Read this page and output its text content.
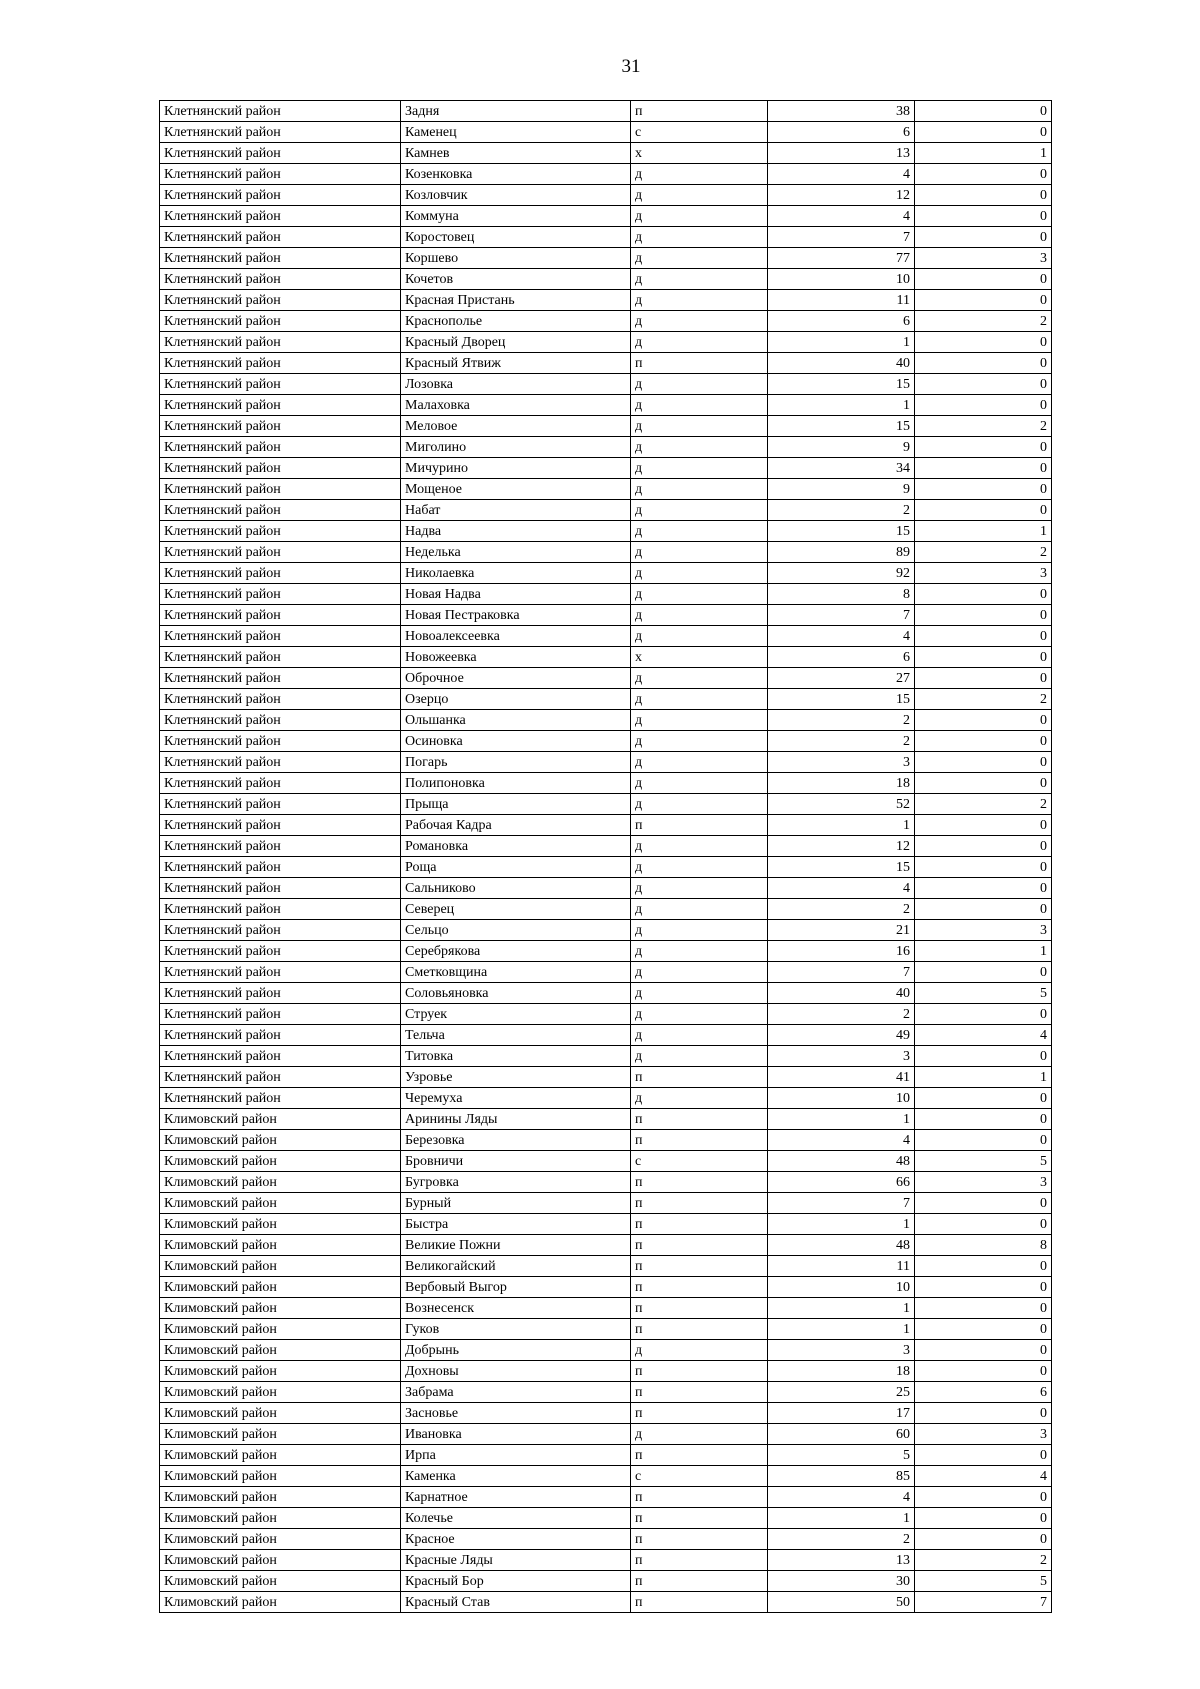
31
Клетнянский район	Задня	п	38	0
Клетнянский район	Каменец	с	6	0
Клетнянский район	Камнев	х	13	1
Клетнянский район	Козенковка	д	4	0
Клетнянский район	Козловчик	д	12	0
Клетнянский район	Коммуна	д	4	0
Клетнянский район	Коростовец	д	7	0
Клетнянский район	Коршево	д	77	3
Клетнянский район	Кочетов	д	10	0
Клетнянский район	Красная Пристань	д	11	0
Клетнянский район	Краснополье	д	6	2
Клетнянский район	Красный Дворец	д	1	0
Клетнянский район	Красный Ятвиж	п	40	0
Клетнянский район	Лозовка	д	15	0
Клетнянский район	Малаховка	д	1	0
Клетнянский район	Меловое	д	15	2
Клетнянский район	Миголино	д	9	0
Клетнянский район	Мичурино	д	34	0
Клетнянский район	Мощеное	д	9	0
Клетнянский район	Набат	д	2	0
Клетнянский район	Надва	д	15	1
Клетнянский район	Неделька	д	89	2
Клетнянский район	Николаевка	д	92	3
Клетнянский район	Новая Надва	д	8	0
Клетнянский район	Новая Пестраковка	д	7	0
Клетнянский район	Новоалексеевка	д	4	0
Клетнянский район	Новожеевка	х	6	0
Клетнянский район	Оброчное	д	27	0
Клетнянский район	Озерцо	д	15	2
Клетнянский район	Ольшанка	д	2	0
Клетнянский район	Осиновка	д	2	0
Клетнянский район	Погарь	д	3	0
Клетнянский район	Полипоновка	д	18	0
Клетнянский район	Прыща	д	52	2
Клетнянский район	Рабочая Кадра	п	1	0
Клетнянский район	Романовка	д	12	0
Клетнянский район	Роща	д	15	0
Клетнянский район	Сальниково	д	4	0
Клетнянский район	Северец	д	2	0
Клетнянский район	Сельцо	д	21	3
Клетнянский район	Серебрякова	д	16	1
Клетнянский район	Сметковщина	д	7	0
Клетнянский район	Соловьяновка	д	40	5
Клетнянский район	Струек	д	2	0
Клетнянский район	Тельча	д	49	4
Клетнянский район	Титовка	д	3	0
Клетнянский район	Узровье	п	41	1
Клетнянский район	Черемуха	д	10	0
Климовский район	Аринины Ляды	п	1	0
Климовский район	Березовка	п	4	0
Климовский район	Бровничи	с	48	5
Климовский район	Бугровка	п	66	3
Климовский район	Бурный	п	7	0
Климовский район	Быстра	п	1	0
Климовский район	Великие Пожни	п	48	8
Климовский район	Великогайский	п	11	0
Климовский район	Вербовый Выгор	п	10	0
Климовский район	Вознесенск	п	1	0
Климовский район	Гуков	п	1	0
Климовский район	Добрынь	д	3	0
Климовский район	Дохновы	п	18	0
Климовский район	Забрама	п	25	6
Климовский район	Засновье	п	17	0
Климовский район	Ивановка	д	60	3
Климовский район	Ирпа	п	5	0
Климовский район	Каменка	с	85	4
Климовский район	Карнатное	п	4	0
Климовский район	Колечье	п	1	0
Климовский район	Красное	п	2	0
Климовский район	Красные Ляды	п	13	2
Климовский район	Красный Бор	п	30	5
Климовский район	Красный Став	п	50	7
